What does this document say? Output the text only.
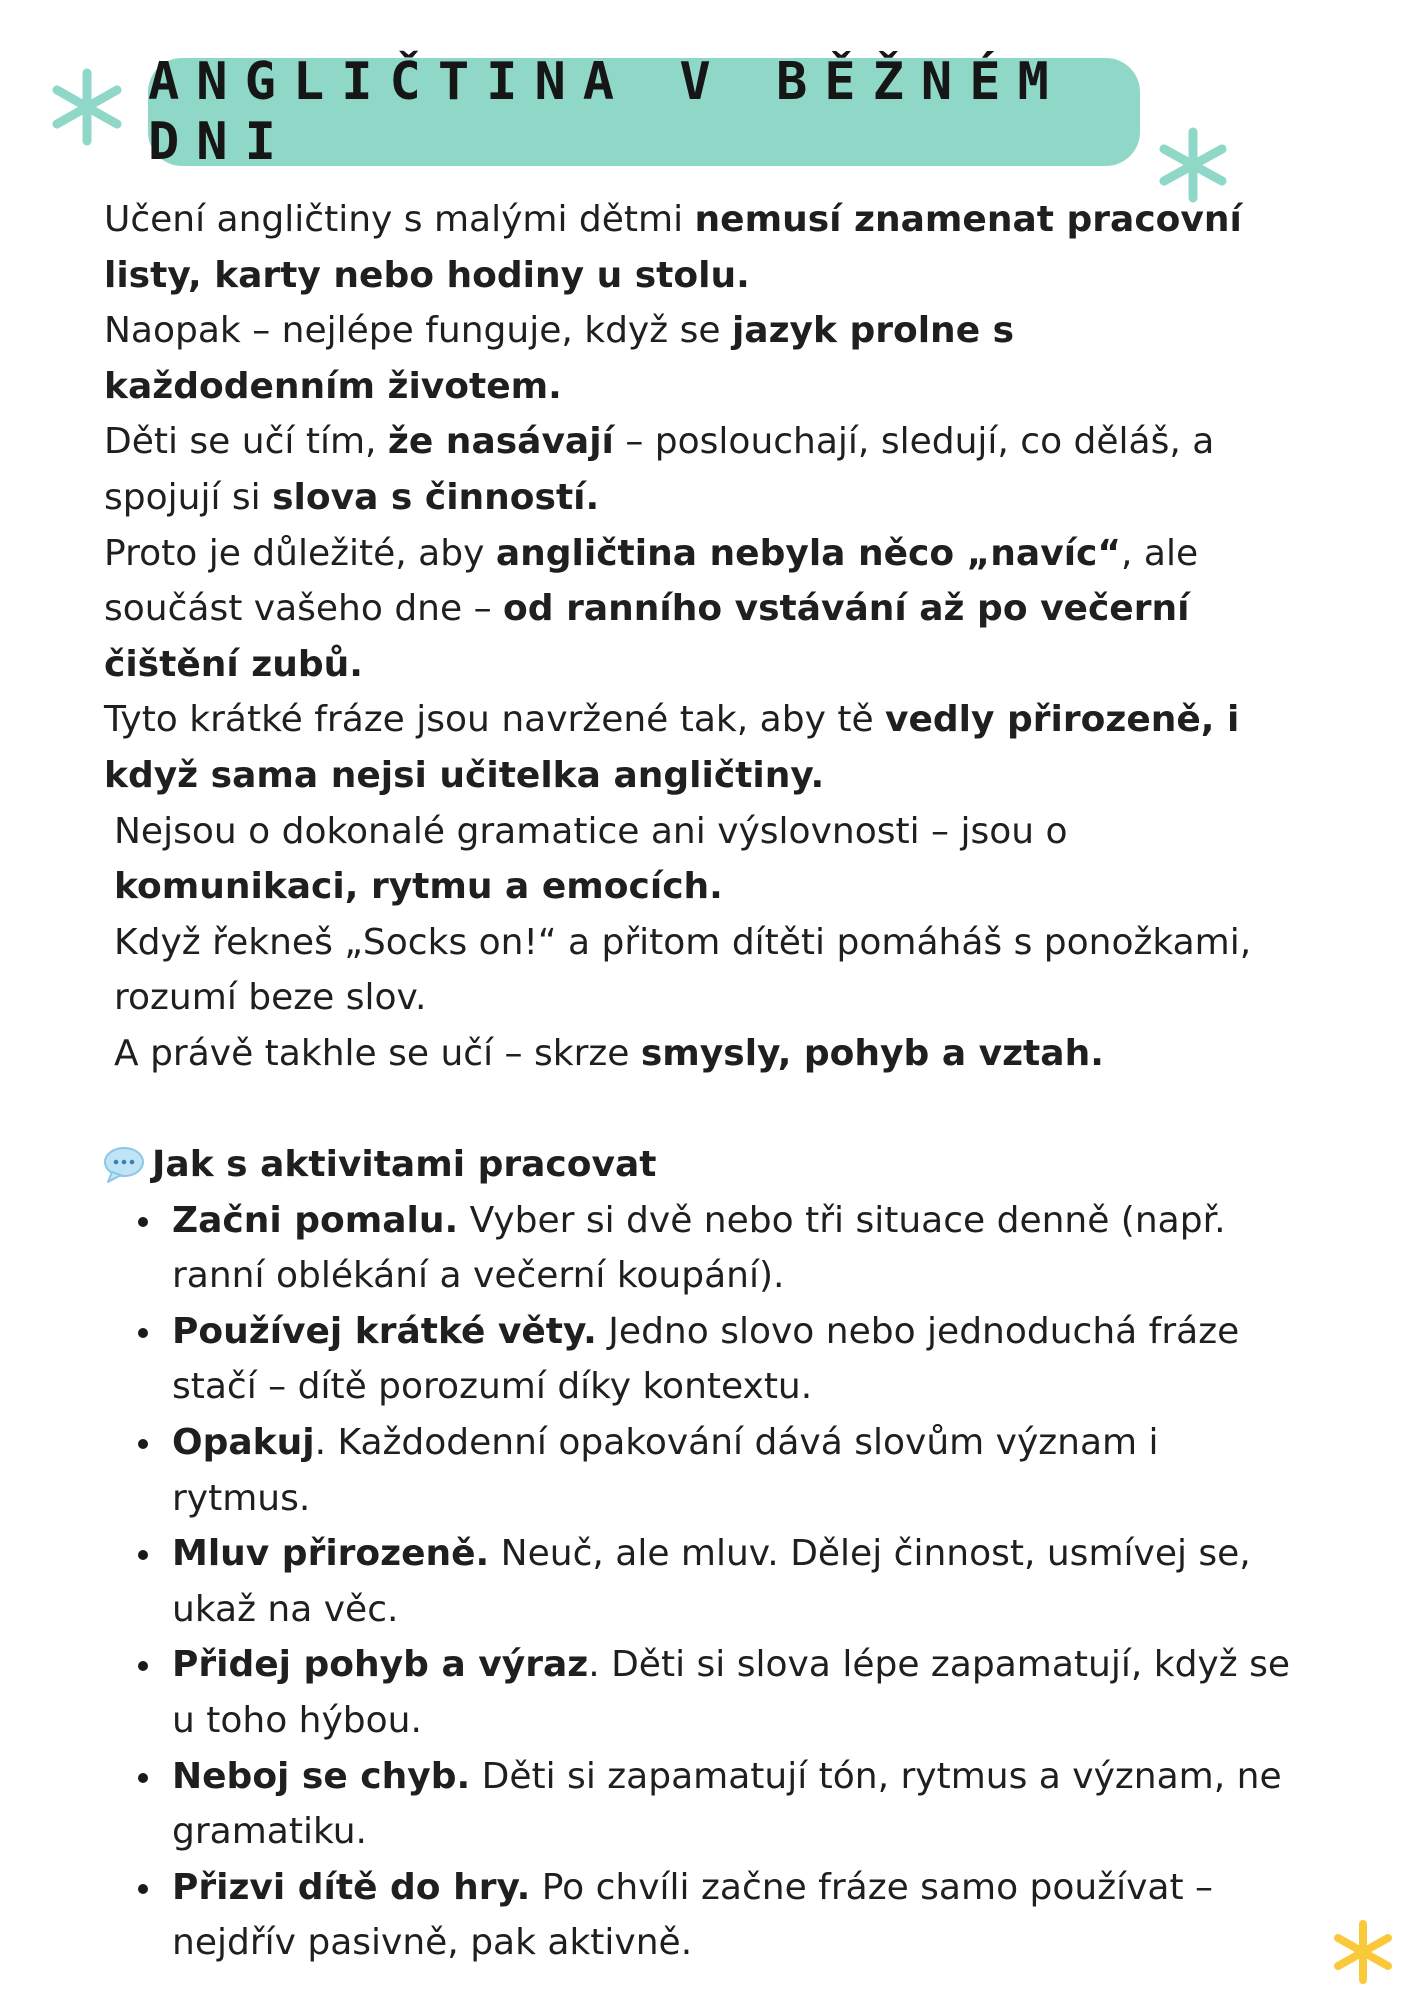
ANGLIČTINA V BĚŽNÉM DNI

Učení angličtiny s malými dětmi nemusí znamenat pracovní listy, karty nebo hodiny u stolu.

Naopak – nejlépe funguje, když se jazyk prolne s každodenním životem.

Děti se učí tím, že nasávají – poslouchají, sledují, co děláš, a spojují si slova s činností.

Proto je důležité, aby angličtina nebyla něco „navíc“, ale součást vašeho dne – od ranního vstávání až po večerní čištění zubů.

Tyto krátké fráze jsou navržené tak, aby tě vedly přirozeně, i když sama nejsi učitelka angličtiny.

Nejsou o dokonalé gramatice ani výslovnosti – jsou o komunikaci, rytmu a emocích.

Když řekneš „Socks on!“ a přitom dítěti pomáháš s ponožkami, rozumí beze slov.

A právě takhle se učí – skrze smysly, pohyb a vztah.

Jak s aktivitami pracovat
Začni pomalu. Vyber si dvě nebo tři situace denně (např. ranní oblékání a večerní koupání).
Používej krátké věty. Jedno slovo nebo jednoduchá fráze stačí – dítě porozumí díky kontextu.
Opakuj. Každodenní opakování dává slovům význam i rytmus.
Mluv přirozeně. Neuč, ale mluv. Dělej činnost, usmívej se, ukaž na věc.
Přidej pohyb a výraz. Děti si slova lépe zapamatují, když se u toho hýbou.
Neboj se chyb. Děti si zapamatují tón, rytmus a význam, ne gramatiku.
Přizvi dítě do hry. Po chvíli začne fráze samo používat – nejdřív pasivně, pak aktivně.
